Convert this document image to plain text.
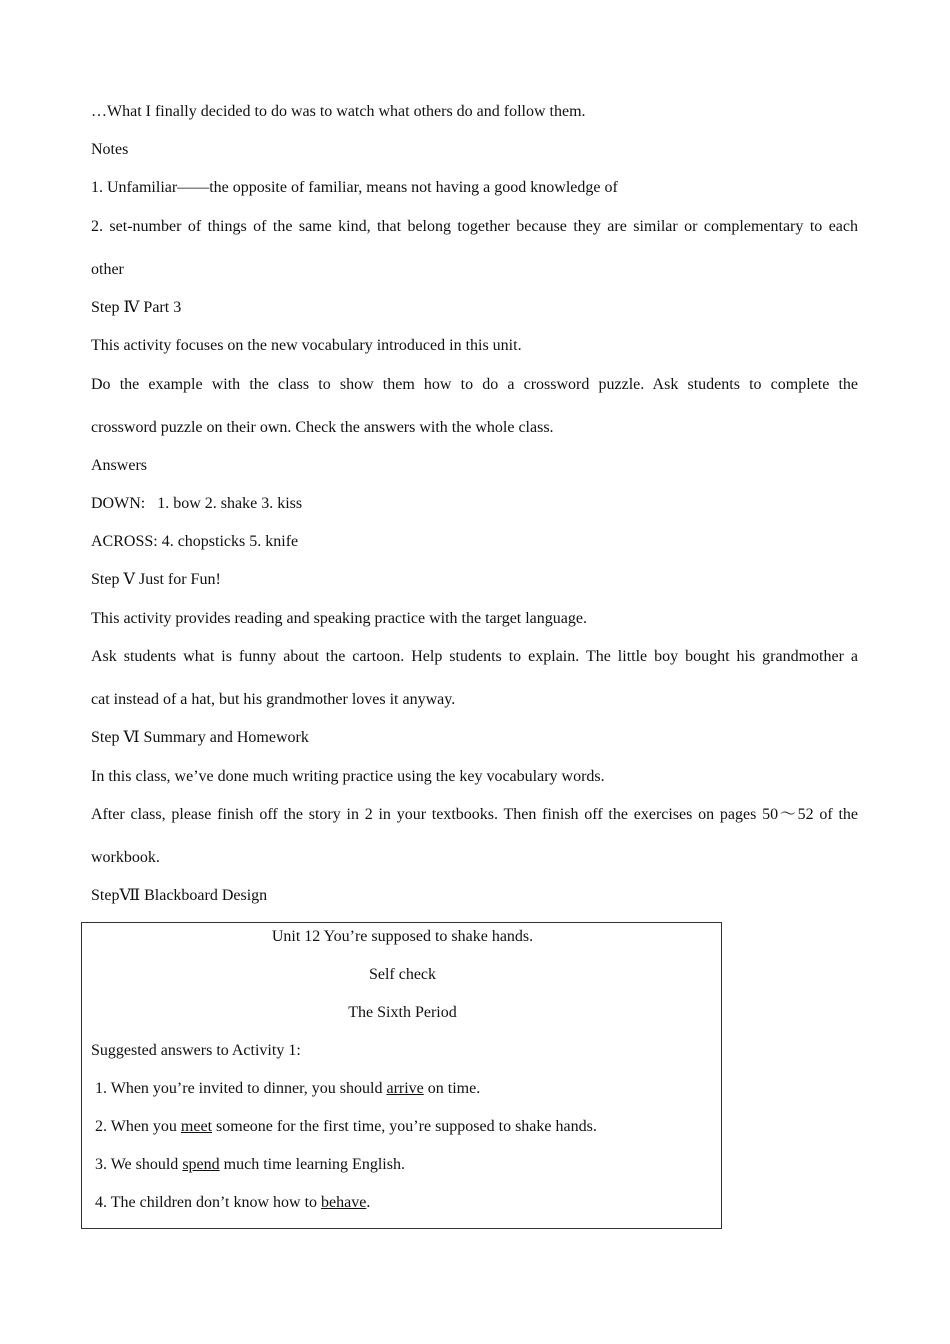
…What I finally decided to do was to watch what others do and follow them.
Notes
1. Unfamiliar——the opposite of familiar, means not having a good knowledge of
2. set-number of things of the same kind, that belong together because they are similar or complementary to each
other
Step Ⅳ Part 3
This activity focuses on the new vocabulary introduced in this unit.
Do the example with the class to show them how to do a crossword puzzle. Ask students to complete the
crossword puzzle on their own. Check the answers with the whole class.
Answers
DOWN:   1. bow 2. shake 3. kiss
ACROSS: 4. chopsticks 5. knife
Step Ⅴ Just for Fun!
This activity provides reading and speaking practice with the target language.
Ask students what is funny about the cartoon. Help students to explain. The little boy bought his grandmother a
cat instead of a hat, but his grandmother loves it anyway.
Step Ⅵ Summary and Homework
In this class, we’ve done much writing practice using the key vocabulary words.
After class, please finish off the story in 2 in your textbooks. Then finish off the exercises on pages 50～52 of the
workbook.
StepⅦ Blackboard Design
Unit 12 You’re supposed to shake hands.
Self check
The Sixth Period
Suggested answers to Activity 1:
1. When you’re invited to dinner, you should arrive on time.
2. When you meet someone for the first time, you’re supposed to shake hands.
3. We should spend much time learning English.
4. The children don’t know how to behave.
